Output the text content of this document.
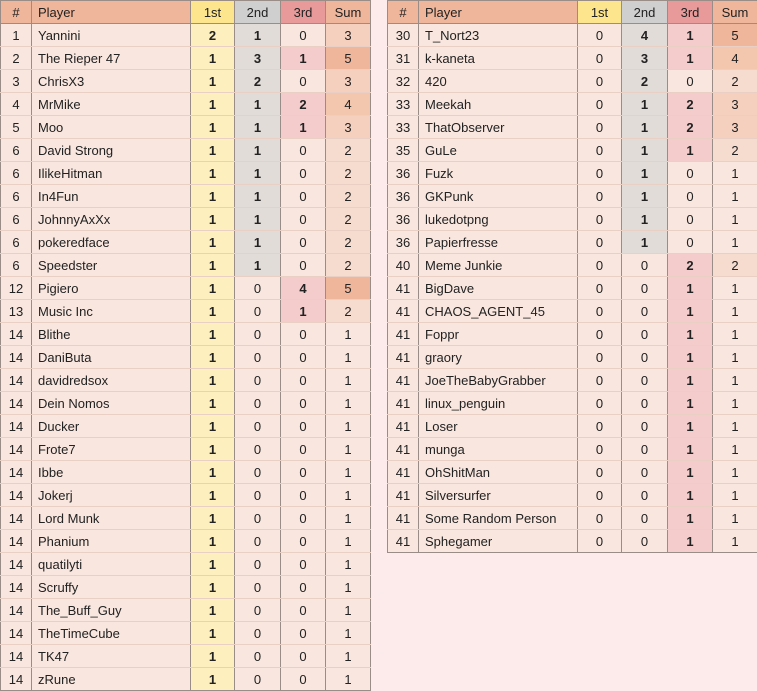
#	Player	1st	2nd	3rd	Sum
1	Yannini	2	1	0	3
2	The Rieper 47	1	3	1	5
3	ChrisX3	1	2	0	3
4	MrMike	1	1	2	4
5	Moo	1	1	1	3
6	David Strong	1	1	0	2
6	IlikeHitman	1	1	0	2
6	In4Fun	1	1	0	2
6	JohnnyAxXx	1	1	0	2
6	pokeredface	1	1	0	2
6	Speedster	1	1	0	2
12	Pigiero	1	0	4	5
13	Music Inc	1	0	1	2
14	Blithe	1	0	0	1
14	DaniButa	1	0	0	1
14	davidredsox	1	0	0	1
14	Dein Nomos	1	0	0	1
14	Ducker	1	0	0	1
14	Frote7	1	0	0	1
14	Ibbe	1	0	0	1
14	Jokerj	1	0	0	1
14	Lord Munk	1	0	0	1
14	Phanium	1	0	0	1
14	quatilyti	1	0	0	1
14	Scruffy	1	0	0	1
14	The_Buff_Guy	1	0	0	1
14	TheTimeCube	1	0	0	1
14	TK47	1	0	0	1
14	zRune	1	0	0	1
#	Player	1st	2nd	3rd	Sum
30	T_Nort23	0	4	1	5
31	k-kaneta	0	3	1	4
32	420	0	2	0	2
33	Meekah	0	1	2	3
33	ThatObserver	0	1	2	3
35	GuLe	0	1	1	2
36	Fuzk	0	1	0	1
36	GKPunk	0	1	0	1
36	lukedotpng	0	1	0	1
36	Papierfresse	0	1	0	1
40	Meme Junkie	0	0	2	2
41	BigDave	0	0	1	1
41	CHAOS_AGENT_45	0	0	1	1
41	Foppr	0	0	1	1
41	graory	0	0	1	1
41	JoeTheBabyGrabber	0	0	1	1
41	linux_penguin	0	0	1	1
41	Loser	0	0	1	1
41	munga	0	0	1	1
41	OhShitMan	0	0	1	1
41	Silversurfer	0	0	1	1
41	Some Random Person	0	0	1	1
41	Sphegamer	0	0	1	1
